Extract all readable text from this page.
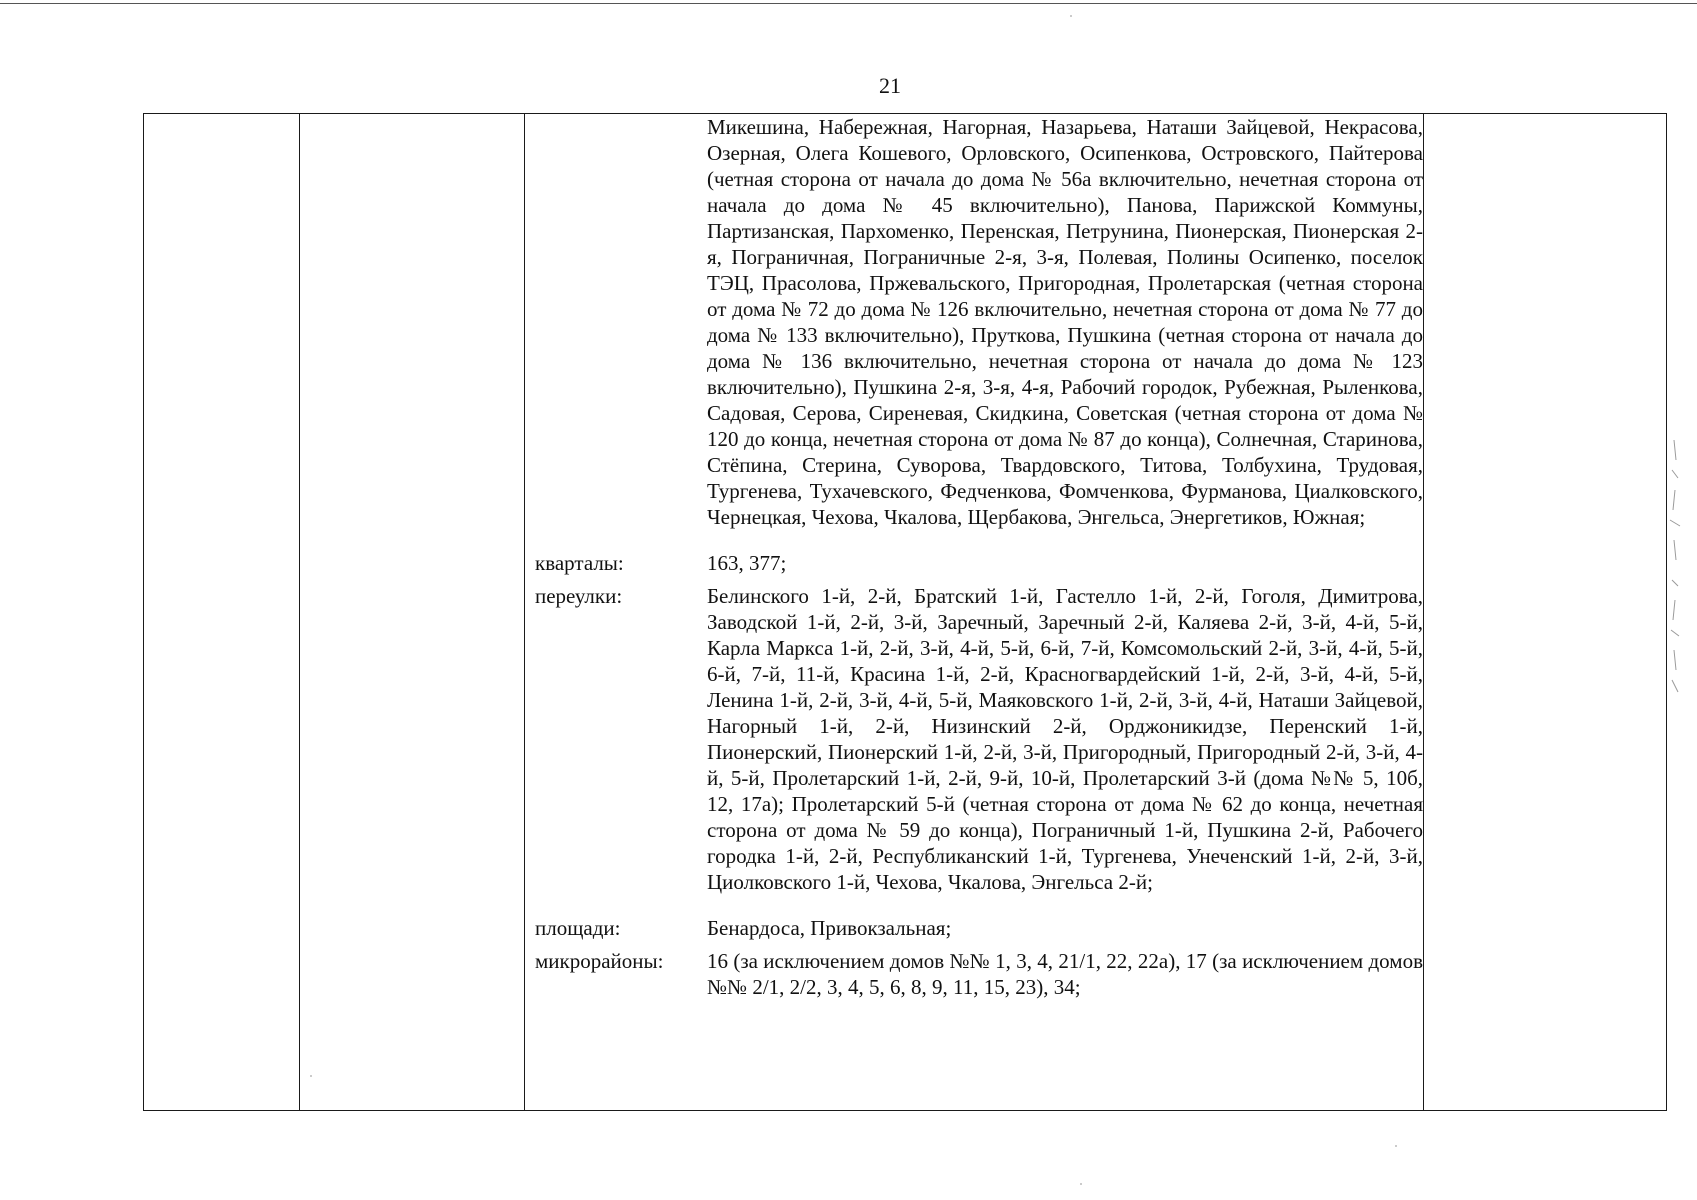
21

Микешина, Набережная, Нагорная, Назарьева, Наташи Зайцевой, Некрасова, Озерная, Олега Кошевого, Орловского, Осипенкова, Островского, Пайтерова (четная сторона от начала до дома № 56а включительно, нечетная сторона от начала до дома № 45 включительно), Панова, Парижской Коммуны, Партизанская, Пархоменко, Перенская, Петрунина, Пионерская, Пионерская 2-я, Пограничная, Пограничные 2-я, 3-я, Полевая, Полины Осипенко, поселок ТЭЦ, Прасолова, Пржевальского, Пригородная, Пролетарская (четная сторона от дома № 72 до дома № 126 включительно, нечетная сторона от дома № 77 до дома № 133 включительно), Пруткова, Пушкина (четная сторона от начала до дома № 136 включительно, нечетная сторона от начала до дома № 123 включительно), Пушкина 2-я, 3-я, 4-я, Рабочий городок, Рубежная, Рыленкова, Садовая, Серова, Сиреневая, Скидкина, Советская (четная сторона от дома № 120 до конца, нечетная сторона от дома № 87 до конца), Солнечная, Старинова, Стёпина, Стерина, Суворова, Твардовского, Титова, Толбухина, Трудовая, Тургенева, Тухачевского, Федченкова, Фомченкова, Фурманова, Циалковского, Чернецкая, Чехова, Чкалова, Щербакова, Энгельса, Энергетиков, Южная;
кварталы:	163, 377;
переулки:	Белинского 1-й, 2-й, Братский 1-й, Гастелло 1-й, 2-й, Гоголя, Димитрова, Заводской 1-й, 2-й, 3-й, Заречный, Заречный 2-й, Каляева 2-й, 3-й, 4-й, 5-й, Карла Маркса 1-й, 2-й, 3-й, 4-й, 5-й, 6-й, 7-й, Комсомольский 2-й, 3-й, 4-й, 5-й, 6-й, 7-й, 11-й, Красина 1-й, 2-й, Красногвардейский 1-й, 2-й, 3-й, 4-й, 5-й, Ленина 1-й, 2-й, 3-й, 4-й, 5-й, Маяковского 1-й, 2-й, 3-й, 4-й, Наташи Зайцевой, Нагорный 1-й, 2-й, Низинский 2-й, Орджоникидзе, Перенский 1-й, Пионерский, Пионерский 1-й, 2-й, 3-й, Пригородный, Пригородный 2-й, 3-й, 4-й, 5-й, Пролетарский 1-й, 2-й, 9-й, 10-й, Пролетарский 3-й (дома №№ 5, 10б, 12, 17а); Пролетарский 5-й (четная сторона от дома № 62 до конца, нечетная сторона от дома № 59 до конца), Пограничный 1-й, Пушкина 2-й, Рабочего городка 1-й, 2-й, Республиканский 1-й, Тургенева, Унеченский 1-й, 2-й, 3-й, Циолковского 1-й, Чехова, Чкалова, Энгельса 2-й;
площади:	Бенардоса, Привокзальная;
микрорайоны:	16 (за исключением домов №№ 1, 3, 4, 21/1, 22, 22а), 17 (за исключением домов №№ 2/1, 2/2, 3, 4, 5, 6, 8, 9, 11, 15, 23), 34;
